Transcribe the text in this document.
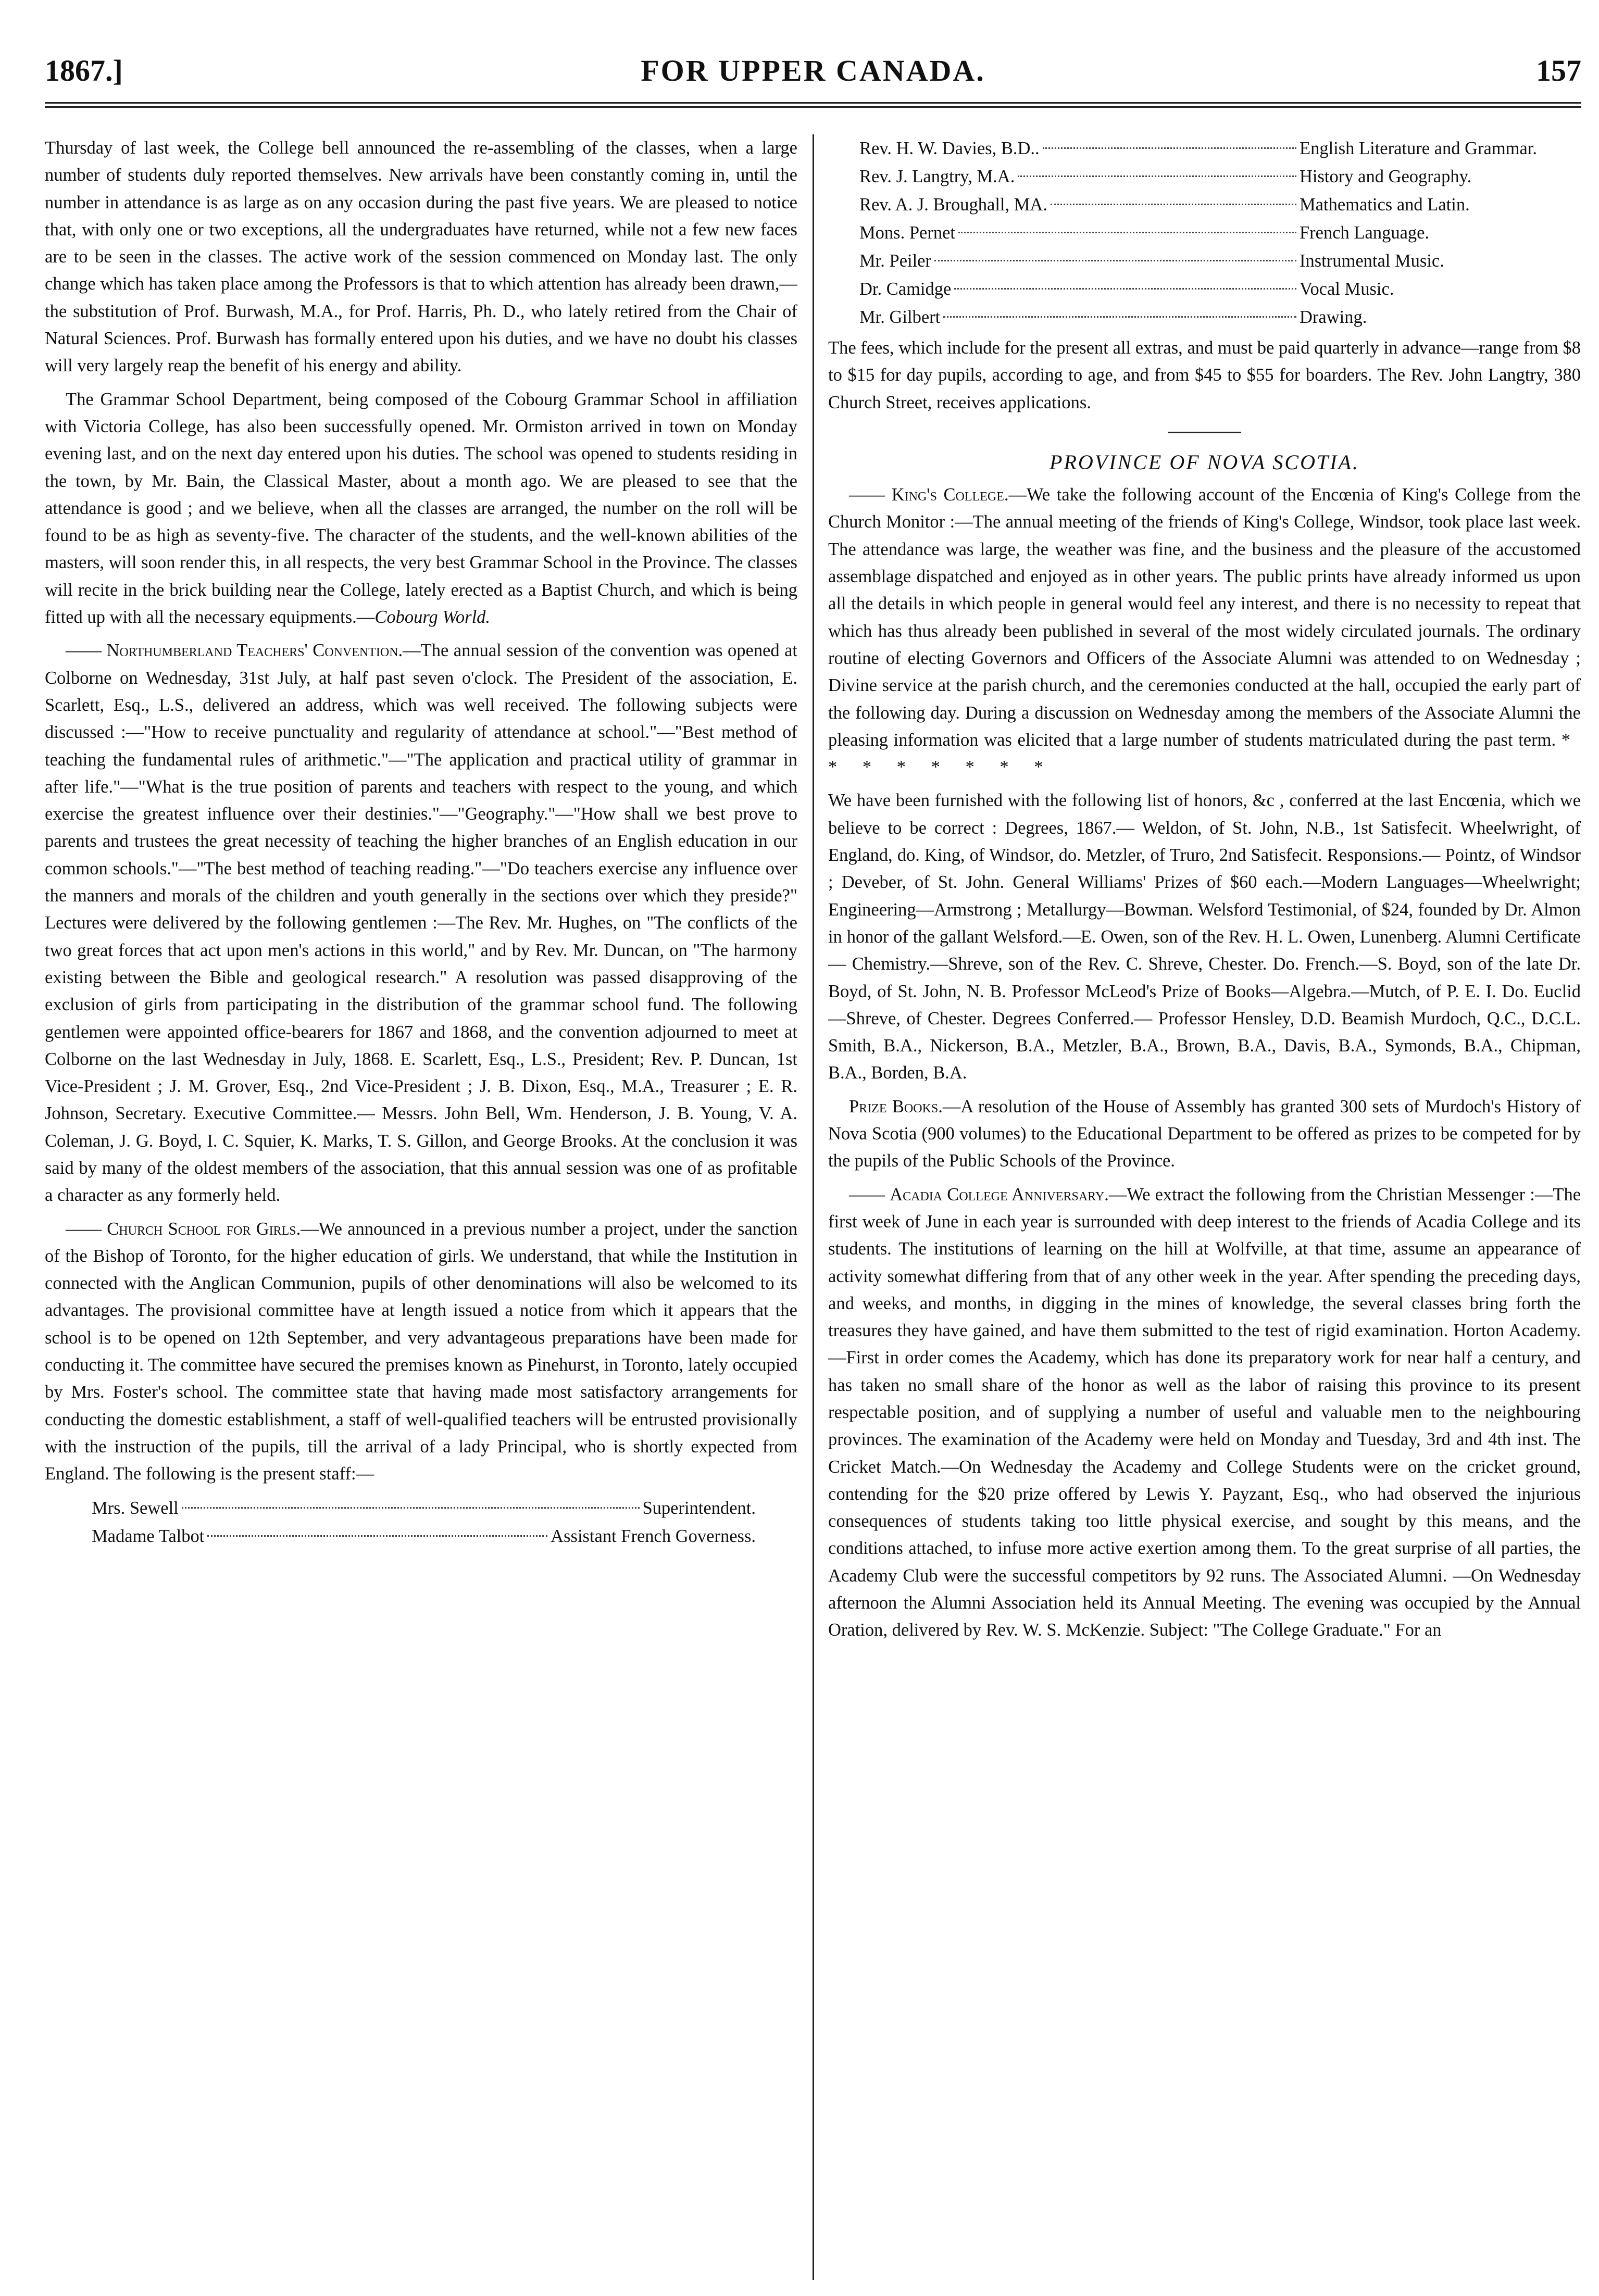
1867.]	FOR UPPER CANADA.	157

Thursday of last week, the College bell announced the re-assembling of the classes, when a large number of students duly reported themselves. New arrivals have been constantly coming in, until the number in attendance is as large as on any occasion during the past five years. We are pleased to notice that, with only one or two exceptions, all the undergraduates have returned, while not a few new faces are to be seen in the classes. The active work of the session commenced on Monday last. The only change which has taken place among the Professors is that to which attention has already been drawn,—the substitution of Prof. Burwash, M.A., for Prof. Harris, Ph. D., who lately retired from the Chair of Natural Sciences. Prof. Burwash has formally entered upon his duties, and we have no doubt his classes will very largely reap the benefit of his energy and ability.

The Grammar School Department, being composed of the Cobourg Grammar School in affiliation with Victoria College, has also been successfully opened. Mr. Ormiston arrived in town on Monday evening last, and on the next day entered upon his duties. The school was opened to students residing in the town, by Mr. Bain, the Classical Master, about a month ago. We are pleased to see that the attendance is good ; and we believe, when all the classes are arranged, the number on the roll will be found to be as high as seventy-five. The character of the students, and the well-known abilities of the masters, will soon render this, in all respects, the very best Grammar School in the Province. The classes will recite in the brick building near the College, lately erected as a Baptist Church, and which is being fitted up with all the necessary equipments.—Cobourg World.

—— Northumberland Teachers' Convention.—The annual session of the convention was opened at Colborne on Wednesday, 31st July, at half past seven o'clock. The President of the association, E. Scarlett, Esq., L.S., delivered an address, which was well received. The following subjects were discussed :—"How to receive punctuality and regularity of attendance at school."—"Best method of teaching the fundamental rules of arithmetic."—"The application and practical utility of grammar in after life."—"What is the true position of parents and teachers with respect to the young, and which exercise the greatest influence over their destinies."—"Geography."—"How shall we best prove to parents and trustees the great necessity of teaching the higher branches of an English education in our common schools."—"The best method of teaching reading."—"Do teachers exercise any influence over the manners and morals of the children and youth generally in the sections over which they preside?" Lectures were delivered by the following gentlemen :—The Rev. Mr. Hughes, on "The conflicts of the two great forces that act upon men's actions in this world," and by Rev. Mr. Duncan, on "The harmony existing between the Bible and geological research." A resolution was passed disapproving of the exclusion of girls from participating in the distribution of the grammar school fund. The following gentlemen were appointed office-bearers for 1867 and 1868, and the convention adjourned to meet at Colborne on the last Wednesday in July, 1868. E. Scarlett, Esq., L.S., President; Rev. P. Duncan, 1st Vice-President ; J. M. Grover, Esq., 2nd Vice-President ; J. B. Dixon, Esq., M.A., Treasurer ; E. R. Johnson, Secretary. Executive Committee.— Messrs. John Bell, Wm. Henderson, J. B. Young, V. A. Coleman, J. G. Boyd, I. C. Squier, K. Marks, T. S. Gillon, and George Brooks. At the conclusion it was said by many of the oldest members of the association, that this annual session was one of as profitable a character as any formerly held.

—— Church School for Girls.—We announced in a previous number a project, under the sanction of the Bishop of Toronto, for the higher education of girls. We understand, that while the Institution in connected with the Anglican Communion, pupils of other denominations will also be welcomed to its advantages. The provisional committee have at length issued a notice from which it appears that the school is to be opened on 12th September, and very advantageous preparations have been made for conducting it. The committee have secured the premises known as Pinehurst, in Toronto, lately occupied by Mrs. Foster's school. The committee state that having made most satisfactory arrangements for conducting the domestic establishment, a staff of well-qualified teachers will be entrusted provisionally with the instruction of the pupils, till the arrival of a lady Principal, who is shortly expected from England. The following is the present staff:—

Mrs. Sewell	Superintendent.
Madame Talbot	Assistant French Governess.
Rev. H. W. Davies, B.D..	English Literature and Grammar.
Rev. J. Langtry, M.A.	History and Geography.
Rev. A. J. Broughall, MA.	Mathematics and Latin.
Mons. Pernet	French Language.
Mr. Peiler	Instrumental Music.
Dr. Camidge	Vocal Music.
Mr. Gilbert	Drawing.

The fees, which include for the present all extras, and must be paid quarterly in advance—range from $8 to $15 for day pupils, according to age, and from $45 to $55 for boarders. The Rev. John Langtry, 380 Church Street, receives applications.

PROVINCE OF NOVA SCOTIA.

—— King's College.—We take the following account of the Encœnia of King's College from the Church Monitor :—The annual meeting of the friends of King's College, Windsor, took place last week. The attendance was large, the weather was fine, and the business and the pleasure of the accustomed assemblage dispatched and enjoyed as in other years. The public prints have already informed us upon all the details in which people in general would feel any interest, and there is no necessity to repeat that which has thus already been published in several of the most widely circulated journals. The ordinary routine of electing Governors and Officers of the Associate Alumni was attended to on Wednesday ; Divine service at the parish church, and the ceremonies conducted at the hall, occupied the early part of the following day. During a discussion on Wednesday among the members of the Associate Alumni the pleasing information was elicited that a large number of students matriculated during the past term. * * * * * * * *

We have been furnished with the following list of honors, &c , conferred at the last Encœnia, which we believe to be correct : Degrees, 1867.— Weldon, of St. John, N.B., 1st Satisfecit. Wheelwright, of England, do. King, of Windsor, do. Metzler, of Truro, 2nd Satisfecit. Responsions.— Pointz, of Windsor ; Deveber, of St. John. General Williams' Prizes of $60 each.—Modern Languages—Wheelwright; Engineering—Armstrong ; Metallurgy—Bowman. Welsford Testimonial, of $24, founded by Dr. Almon in honor of the gallant Welsford.—E. Owen, son of the Rev. H. L. Owen, Lunenberg. Alumni Certificate— Chemistry.—Shreve, son of the Rev. C. Shreve, Chester. Do. French.—S. Boyd, son of the late Dr. Boyd, of St. John, N. B. Professor McLeod's Prize of Books—Algebra.—Mutch, of P. E. I. Do. Euclid—Shreve, of Chester. Degrees Conferred.— Professor Hensley, D.D. Beamish Murdoch, Q.C., D.C.L. Smith, B.A., Nickerson, B.A., Metzler, B.A., Brown, B.A., Davis, B.A., Symonds, B.A., Chipman, B.A., Borden, B.A.

Prize Books.—A resolution of the House of Assembly has granted 300 sets of Murdoch's History of Nova Scotia (900 volumes) to the Educational Department to be offered as prizes to be competed for by the pupils of the Public Schools of the Province.

—— Acadia College Anniversary.—We extract the following from the Christian Messenger :—The first week of June in each year is surrounded with deep interest to the friends of Acadia College and its students. The institutions of learning on the hill at Wolfville, at that time, assume an appearance of activity somewhat differing from that of any other week in the year. After spending the preceding days, and weeks, and months, in digging in the mines of knowledge, the several classes bring forth the treasures they have gained, and have them submitted to the test of rigid examination. Horton Academy.—First in order comes the Academy, which has done its preparatory work for near half a century, and has taken no small share of the honor as well as the labor of raising this province to its present respectable position, and of supplying a number of useful and valuable men to the neighbouring provinces. The examination of the Academy were held on Monday and Tuesday, 3rd and 4th inst. The Cricket Match.—On Wednesday the Academy and College Students were on the cricket ground, contending for the $20 prize offered by Lewis Y. Payzant, Esq., who had observed the injurious consequences of students taking too little physical exercise, and sought by this means, and the conditions attached, to infuse more active exertion among them. To the great surprise of all parties, the Academy Club were the successful competitors by 92 runs. The Associated Alumni. —On Wednesday afternoon the Alumni Association held its Annual Meeting. The evening was occupied by the Annual Oration, delivered by Rev. W. S. McKenzie. Subject: "The College Graduate." For an
